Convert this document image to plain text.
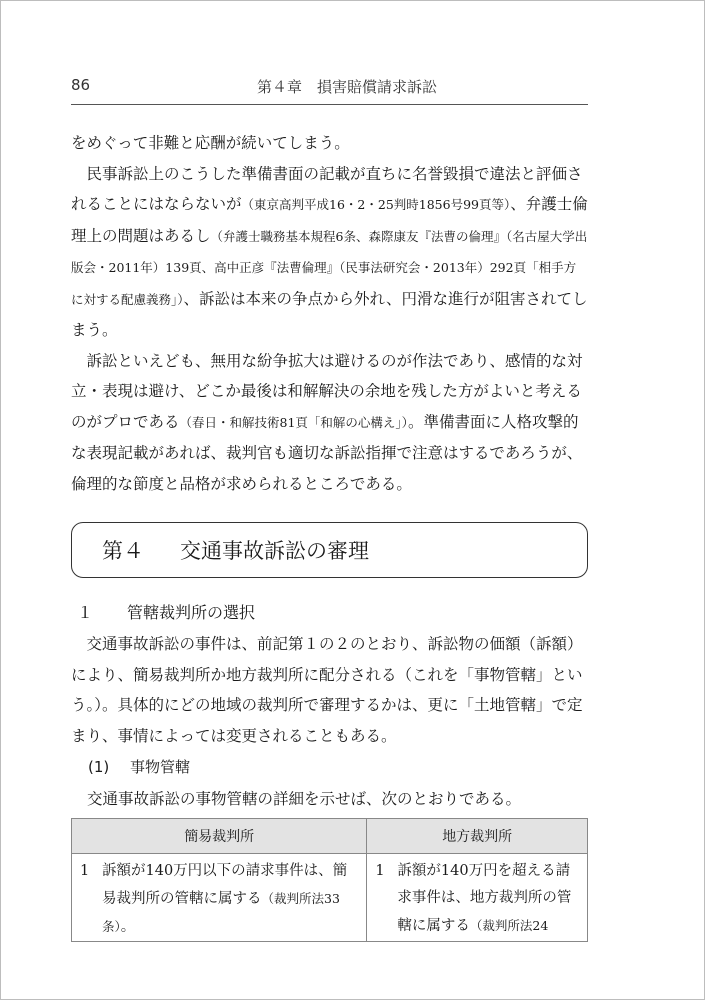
86	第４章　損害賠償請求訴訟

をめぐって非難と応酬が続いてしまう。

民事訴訟上のこうした準備書面の記載が直ちに名誉毀損で違法と評価されることにはならないが（東京高判平成16・2・25判時1856号99頁等）、弁護士倫理上の問題はあるし（弁護士職務基本規程6条、森際康友『法曹の倫理』（名古屋大学出版会・2011年）139頁、高中正彦『法曹倫理』（民事法研究会・2013年）292頁「相手方に対する配慮義務」）、訴訟は本来の争点から外れ、円滑な進行が阻害されてしまう。

訴訟といえども、無用な紛争拡大は避けるのが作法であり、感情的な対立・表現は避け、どこか最後は和解解決の余地を残した方がよいと考えるのがプロである（春日・和解技術81頁「和解の心構え」）。準備書面に人格攻撃的な表現記載があれば、裁判官も適切な訴訟指揮で注意はするであろうが、倫理的な節度と品格が求められるところである。

第４ 交通事故訴訟の審理
１ 管轄裁判所の選択

交通事故訴訟の事件は、前記第１の２のとおり、訴訟物の価額（訴額）により、簡易裁判所か地方裁判所に配分される（これを「事物管轄」という。）。具体的にどの地域の裁判所で審理するかは、更に「土地管轄」で定まり、事情によっては変更されることもある。

(1) 事物管轄
交通事故訴訟の事物管轄の詳細を示せば、次のとおりである。
簡易裁判所	地方裁判所

1 訴額が140万円以下の請求事件は、簡易裁判所の管轄に属する（裁判所法33条）。	1 訴額が140万円を超える請求事件は、地方裁判所の管轄に属する（裁判所法24
